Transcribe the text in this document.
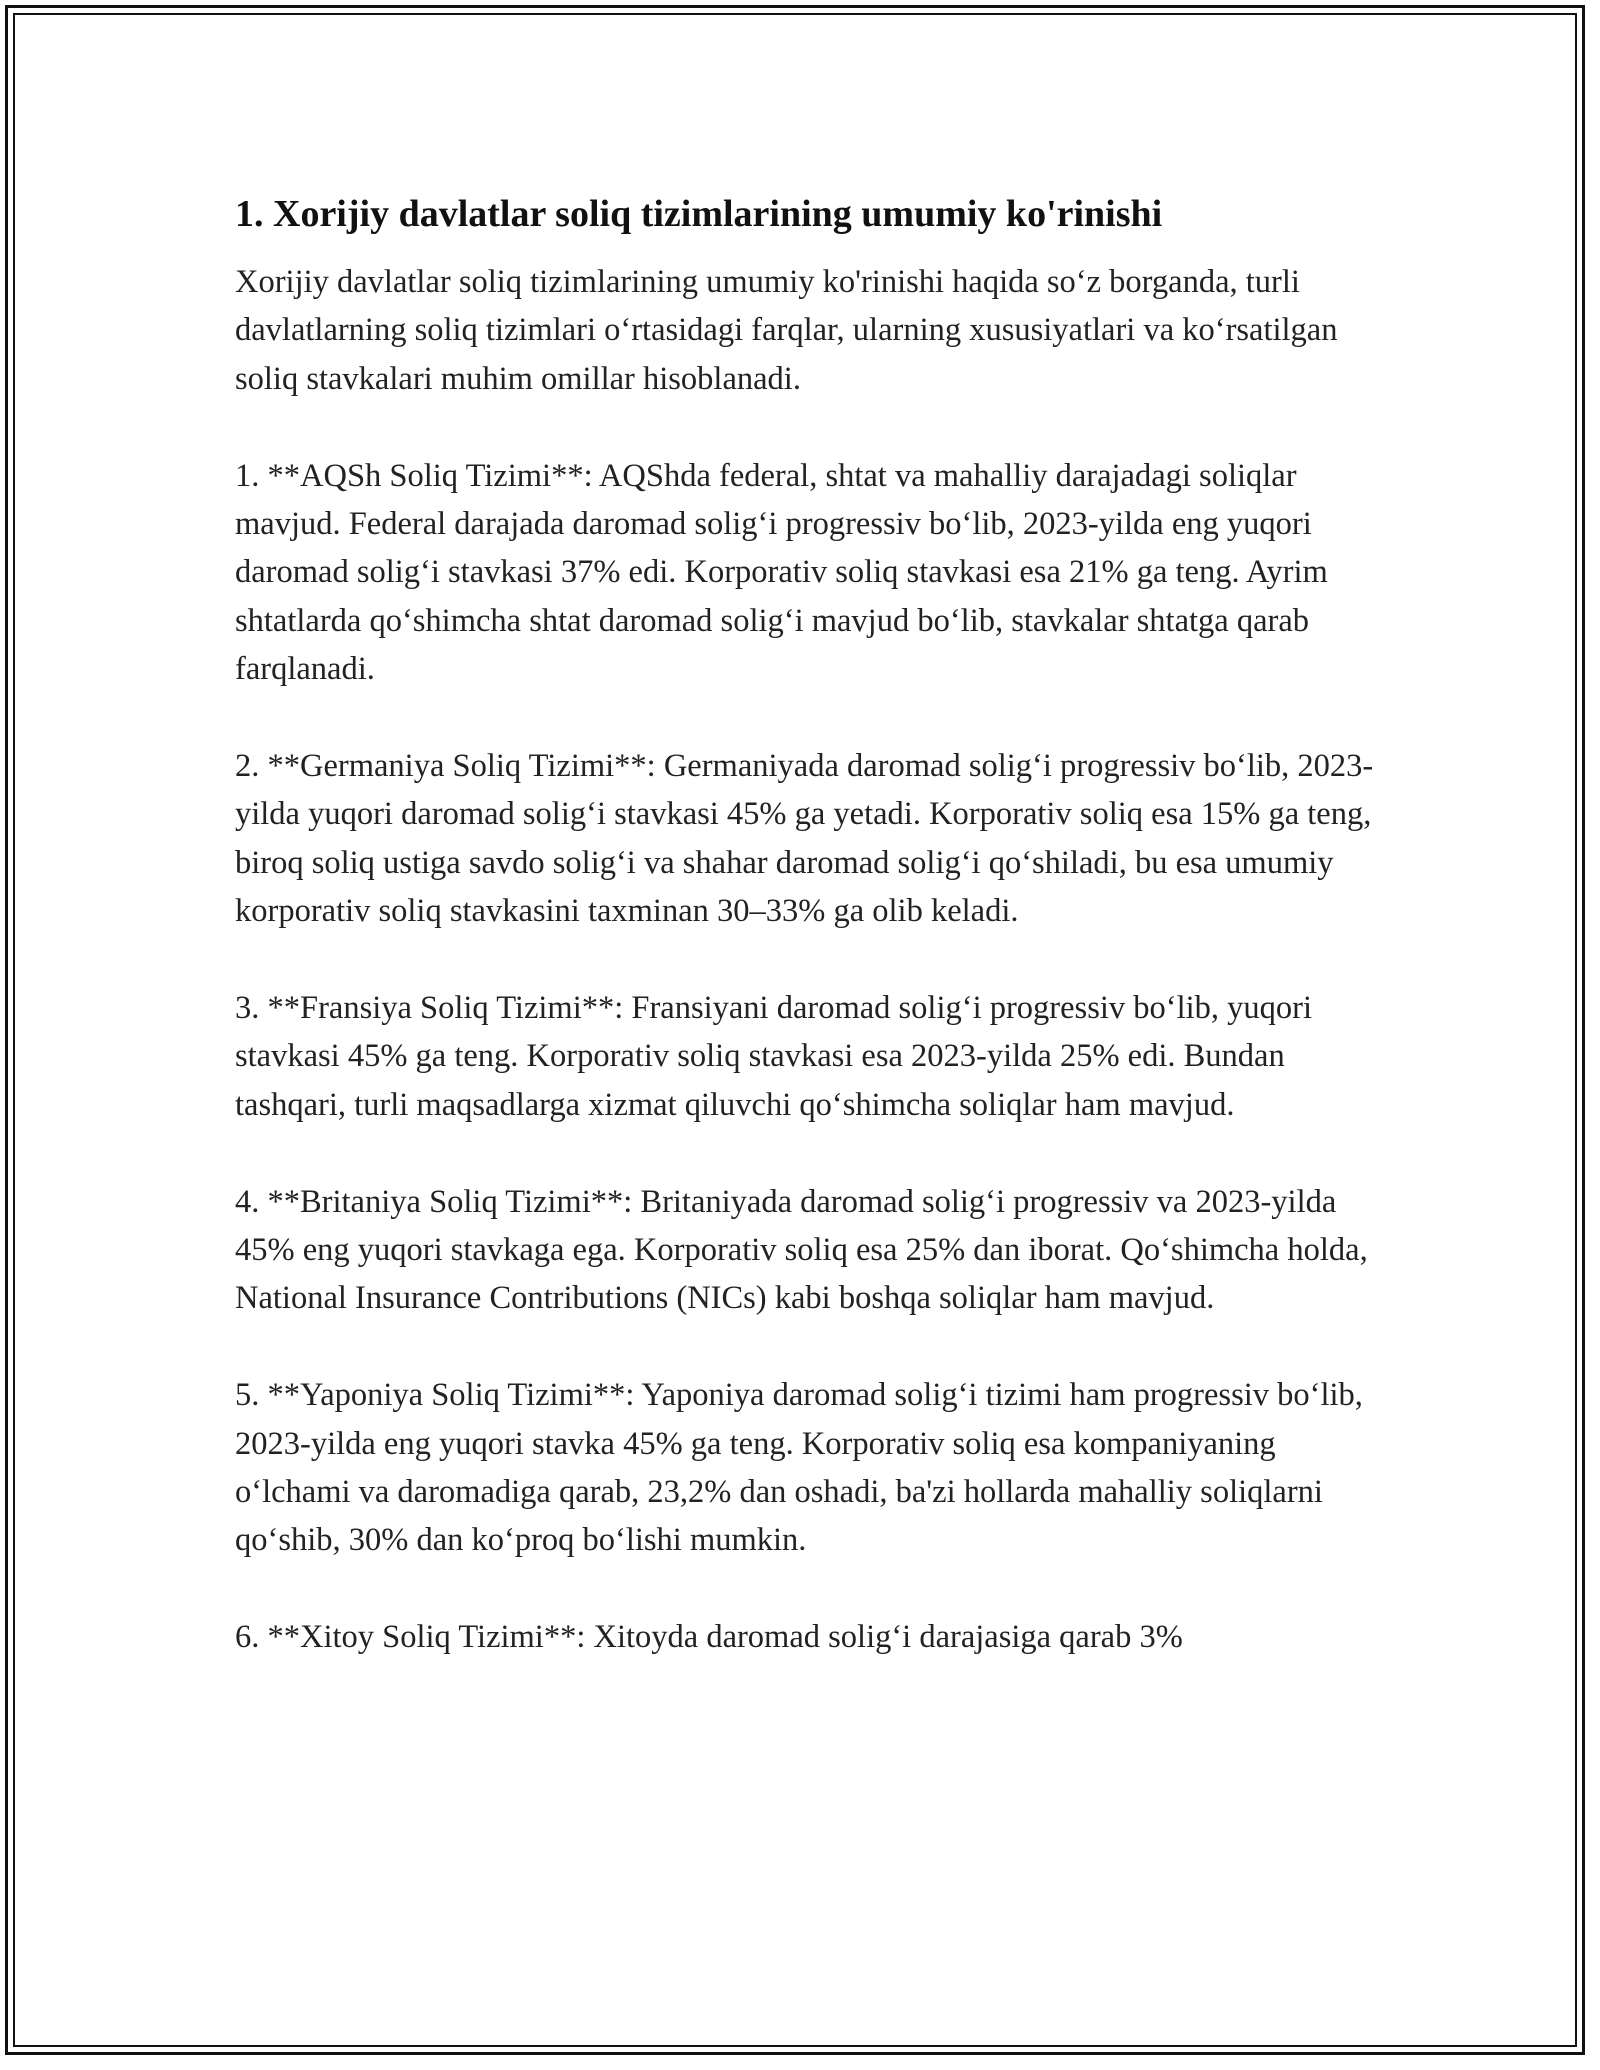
1. Xorijiy davlatlar soliq tizimlarining umumiy ko'rinishi

Xorijiy davlatlar soliq tizimlarining umumiy ko'rinishi haqida so‘z borganda, turli davlatlarning soliq tizimlari o‘rtasidagi farqlar, ularning xususiyatlari va ko‘rsatilgan soliq stavkalari muhim omillar hisoblanadi.

1. **AQSh Soliq Tizimi**: AQShda federal, shtat va mahalliy darajadagi soliqlar mavjud. Federal darajada daromad solig‘i progressiv bo‘lib, 2023-yilda eng yuqori daromad solig‘i stavkasi 37% edi. Korporativ soliq stavkasi esa 21% ga teng. Ayrim shtatlarda qo‘shimcha shtat daromad solig‘i mavjud bo‘lib, stavkalar shtatga qarab farqlanadi.

2. **Germaniya Soliq Tizimi**: Germaniyada daromad solig‘i progressiv bo‘lib, 2023-yilda yuqori daromad solig‘i stavkasi 45% ga yetadi. Korporativ soliq esa 15% ga teng, biroq soliq ustiga savdo solig‘i va shahar daromad solig‘i qo‘shiladi, bu esa umumiy korporativ soliq stavkasini taxminan 30–33% ga olib keladi.

3. **Fransiya Soliq Tizimi**: Fransiyani daromad solig‘i progressiv bo‘lib, yuqori stavkasi 45% ga teng. Korporativ soliq stavkasi esa 2023-yilda 25% edi. Bundan tashqari, turli maqsadlarga xizmat qiluvchi qo‘shimcha soliqlar ham mavjud.

4. **Britaniya Soliq Tizimi**: Britaniyada daromad solig‘i progressiv va 2023-yilda 45% eng yuqori stavkaga ega. Korporativ soliq esa 25% dan iborat. Qo‘shimcha holda, National Insurance Contributions (NICs) kabi boshqa soliqlar ham mavjud.

5. **Yaponiya Soliq Tizimi**: Yaponiya daromad solig‘i tizimi ham progressiv bo‘lib, 2023-yilda eng yuqori stavka 45% ga teng. Korporativ soliq esa kompaniyaning o‘lchami va daromadiga qarab, 23,2% dan oshadi, ba'zi hollarda mahalliy soliqlarni qo‘shib, 30% dan ko‘proq bo‘lishi mumkin.

6. **Xitoy Soliq Tizimi**: Xitoyda daromad solig‘i darajasiga qarab 3%
